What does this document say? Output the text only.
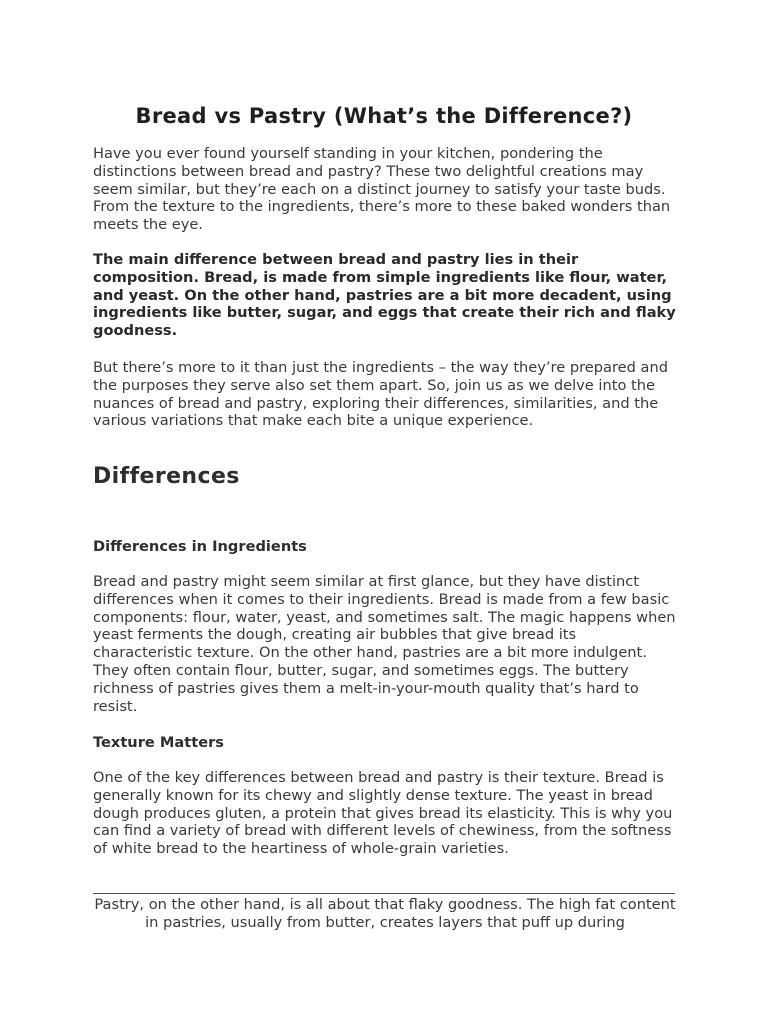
Bread vs Pastry (What’s the Difference?)

Have you ever found yourself standing in your kitchen, pondering the distinctions between bread and pastry? These two delightful creations may seem similar, but they’re each on a distinct journey to satisfy your taste buds. From the texture to the ingredients, there’s more to these baked wonders than meets the eye.

The main difference between bread and pastry lies in their composition. Bread, is made from simple ingredients like flour, water, and yeast. On the other hand, pastries are a bit more decadent, using ingredients like butter, sugar, and eggs that create their rich and flaky goodness.

But there’s more to it than just the ingredients – the way they’re prepared and the purposes they serve also set them apart. So, join us as we delve into the nuances of bread and pastry, exploring their differences, similarities, and the various variations that make each bite a unique experience.

Differences
Differences in Ingredients

Bread and pastry might seem similar at first glance, but they have distinct differences when it comes to their ingredients. Bread is made from a few basic components: flour, water, yeast, and sometimes salt. The magic happens when yeast ferments the dough, creating air bubbles that give bread its characteristic texture. On the other hand, pastries are a bit more indulgent. They often contain flour, butter, sugar, and sometimes eggs. The buttery richness of pastries gives them a melt-in-your-mouth quality that’s hard to resist.

Texture Matters

One of the key differences between bread and pastry is their texture. Bread is generally known for its chewy and slightly dense texture. The yeast in bread dough produces gluten, a protein that gives bread its elasticity. This is why you can find a variety of bread with different levels of chewiness, from the softness of white bread to the heartiness of whole-grain varieties.

Pastry, on the other hand, is all about that flaky goodness. The high fat content in pastries, usually from butter, creates layers that puff up during
